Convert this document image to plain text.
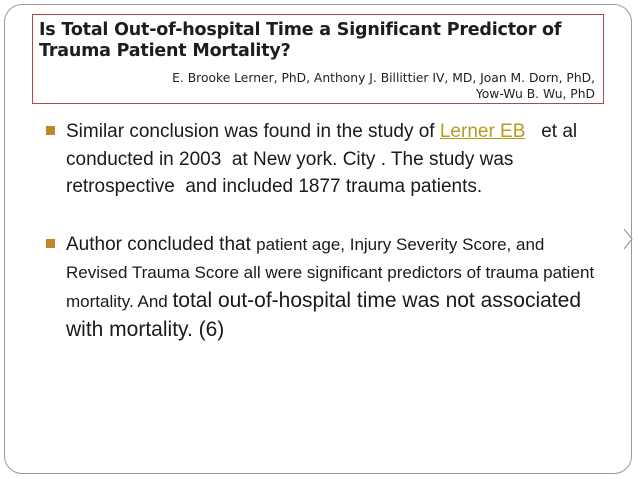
Is Total Out-of-hospital Time a Significant Predictor of Trauma Patient Mortality?

E. Brooke Lerner, PhD, Anthony J. Billittier IV, MD, Joan M. Dorn, PhD,
Yow-Wu B. Wu, PhD

Similar conclusion was found in the study of Lerner EB   et al  conducted in 2003  at New york. City . The study was retrospective  and included 1877 trauma patients.
Author concluded that patient age, Injury Severity Score, and Revised Trauma Score all were significant predictors of trauma patient mortality. And total out-of-hospital time was not associated with mortality. (6)
